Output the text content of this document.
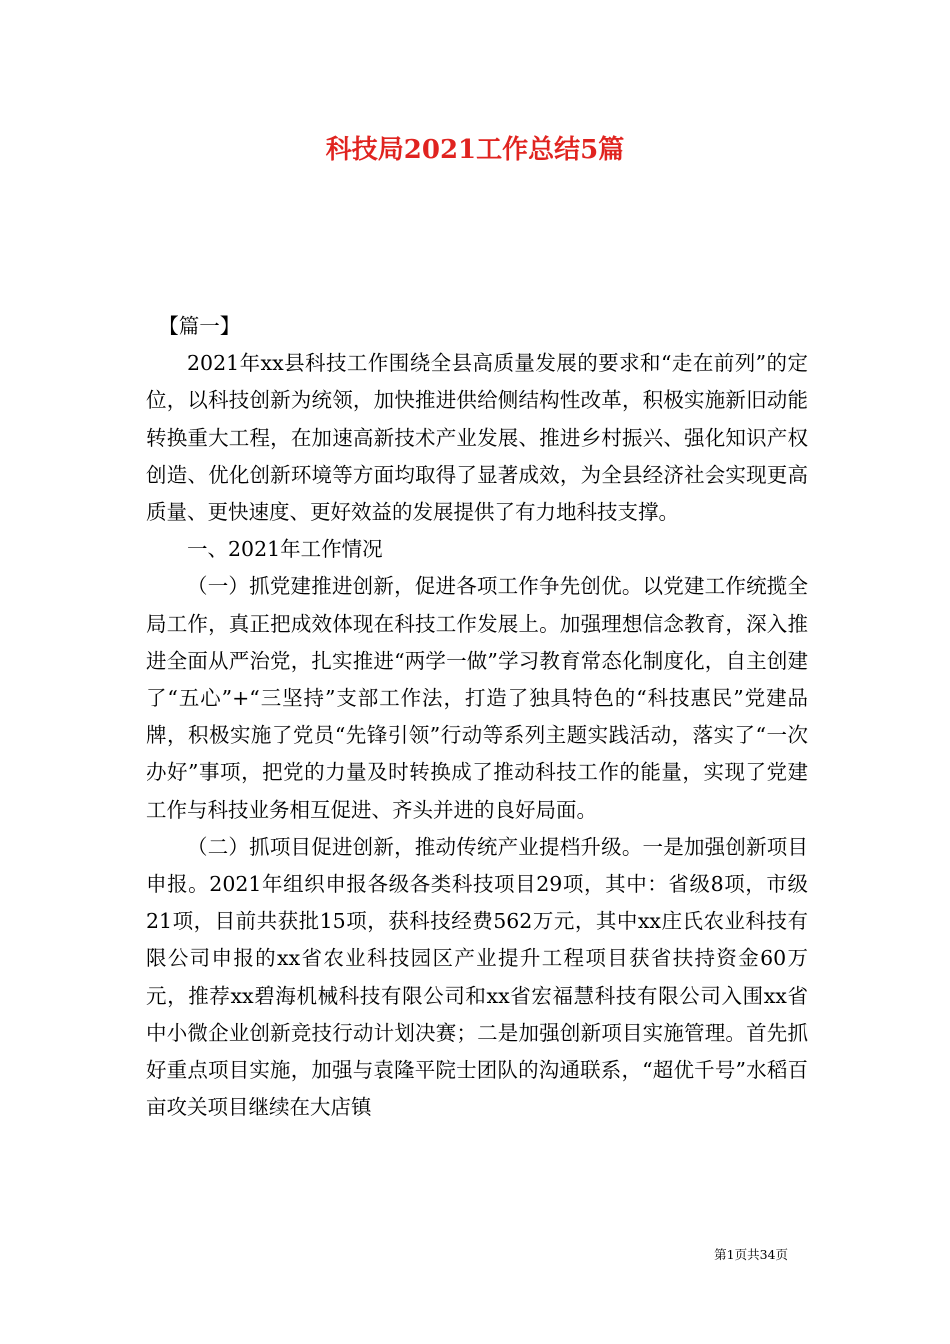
科技局2021工作总结5篇

【篇一】

2021年xx县科技工作围绕全县高质量发展的要求和“走在前列”的定位，以科技创新为统领，加快推进供给侧结构性改革，积极实施新旧动能转换重大工程，在加速高新技术产业发展、推进乡村振兴、强化知识产权创造、优化创新环境等方面均取得了显著成效，为全县经济社会实现更高质量、更快速度、更好效益的发展提供了有力地科技支撑。

一、2021年工作情况

（一）抓党建推进创新，促进各项工作争先创优。以党建工作统揽全局工作，真正把成效体现在科技工作发展上。加强理想信念教育，深入推进全面从严治党，扎实推进“两学一做”学习教育常态化制度化，自主创建了“五心”+“三坚持”支部工作法，打造了独具特色的“科技惠民”党建品牌，积极实施了党员“先锋引领”行动等系列主题实践活动，落实了“一次办好”事项，把党的力量及时转换成了推动科技工作的能量，实现了党建工作与科技业务相互促进、齐头并进的良好局面。

（二）抓项目促进创新，推动传统产业提档升级。一是加强创新项目申报。2021年组织申报各级各类科技项目29项，其中：省级8项，市级21项，目前共获批15项，获科技经费562万元，其中xx庄氏农业科技有限公司申报的xx省农业科技园区产业提升工程项目获省扶持资金60万元，推荐xx碧海机械科技有限公司和xx省宏福慧科技有限公司入围xx省中小微企业创新竞技行动计划决赛；二是加强创新项目实施管理。首先抓好重点项目实施，加强与袁隆平院士团队的沟通联系，“超优千号”水稻百亩攻关项目继续在大店镇

第1页共34页
